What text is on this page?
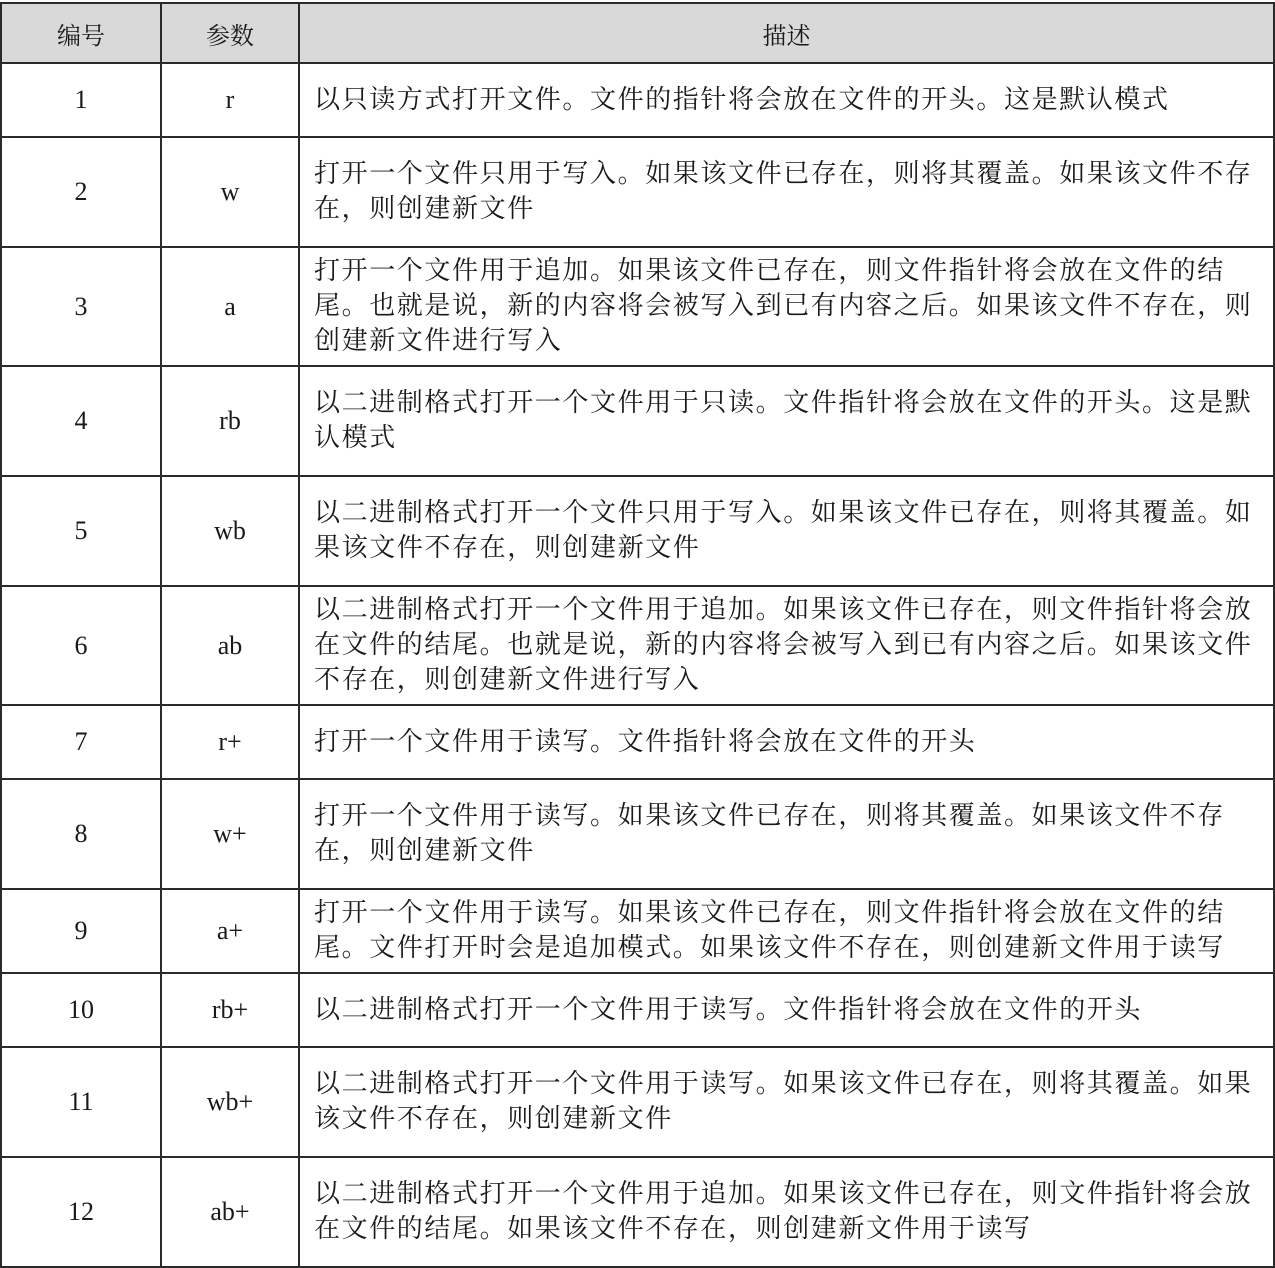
编号	参数	描述
1	r	以只读方式打开文件。文件的指针将会放在文件的开头。这是默认模式
2	w	打开一个文件只用于写入。如果该文件已存在，则将其覆盖。如果该文件不存在，则创建新文件
3	a	打开一个文件用于追加。如果该文件已存在，则文件指针将会放在文件的结尾。也就是说，新的内容将会被写入到已有内容之后。如果该文件不存在，则创建新文件进行写入
4	rb	以二进制格式打开一个文件用于只读。文件指针将会放在文件的开头。这是默认模式
5	wb	以二进制格式打开一个文件只用于写入。如果该文件已存在，则将其覆盖。如果该文件不存在，则创建新文件
6	ab	以二进制格式打开一个文件用于追加。如果该文件已存在，则文件指针将会放在文件的结尾。也就是说，新的内容将会被写入到已有内容之后。如果该文件不存在，则创建新文件进行写入
7	r+	打开一个文件用于读写。文件指针将会放在文件的开头
8	w+	打开一个文件用于读写。如果该文件已存在，则将其覆盖。如果该文件不存在，则创建新文件
9	a+	打开一个文件用于读写。如果该文件已存在，则文件指针将会放在文件的结尾。文件打开时会是追加模式。如果该文件不存在，则创建新文件用于读写
10	rb+	以二进制格式打开一个文件用于读写。文件指针将会放在文件的开头
11	wb+	以二进制格式打开一个文件用于读写。如果该文件已存在，则将其覆盖。如果该文件不存在，则创建新文件
12	ab+	以二进制格式打开一个文件用于追加。如果该文件已存在，则文件指针将会放在文件的结尾。如果该文件不存在，则创建新文件用于读写
